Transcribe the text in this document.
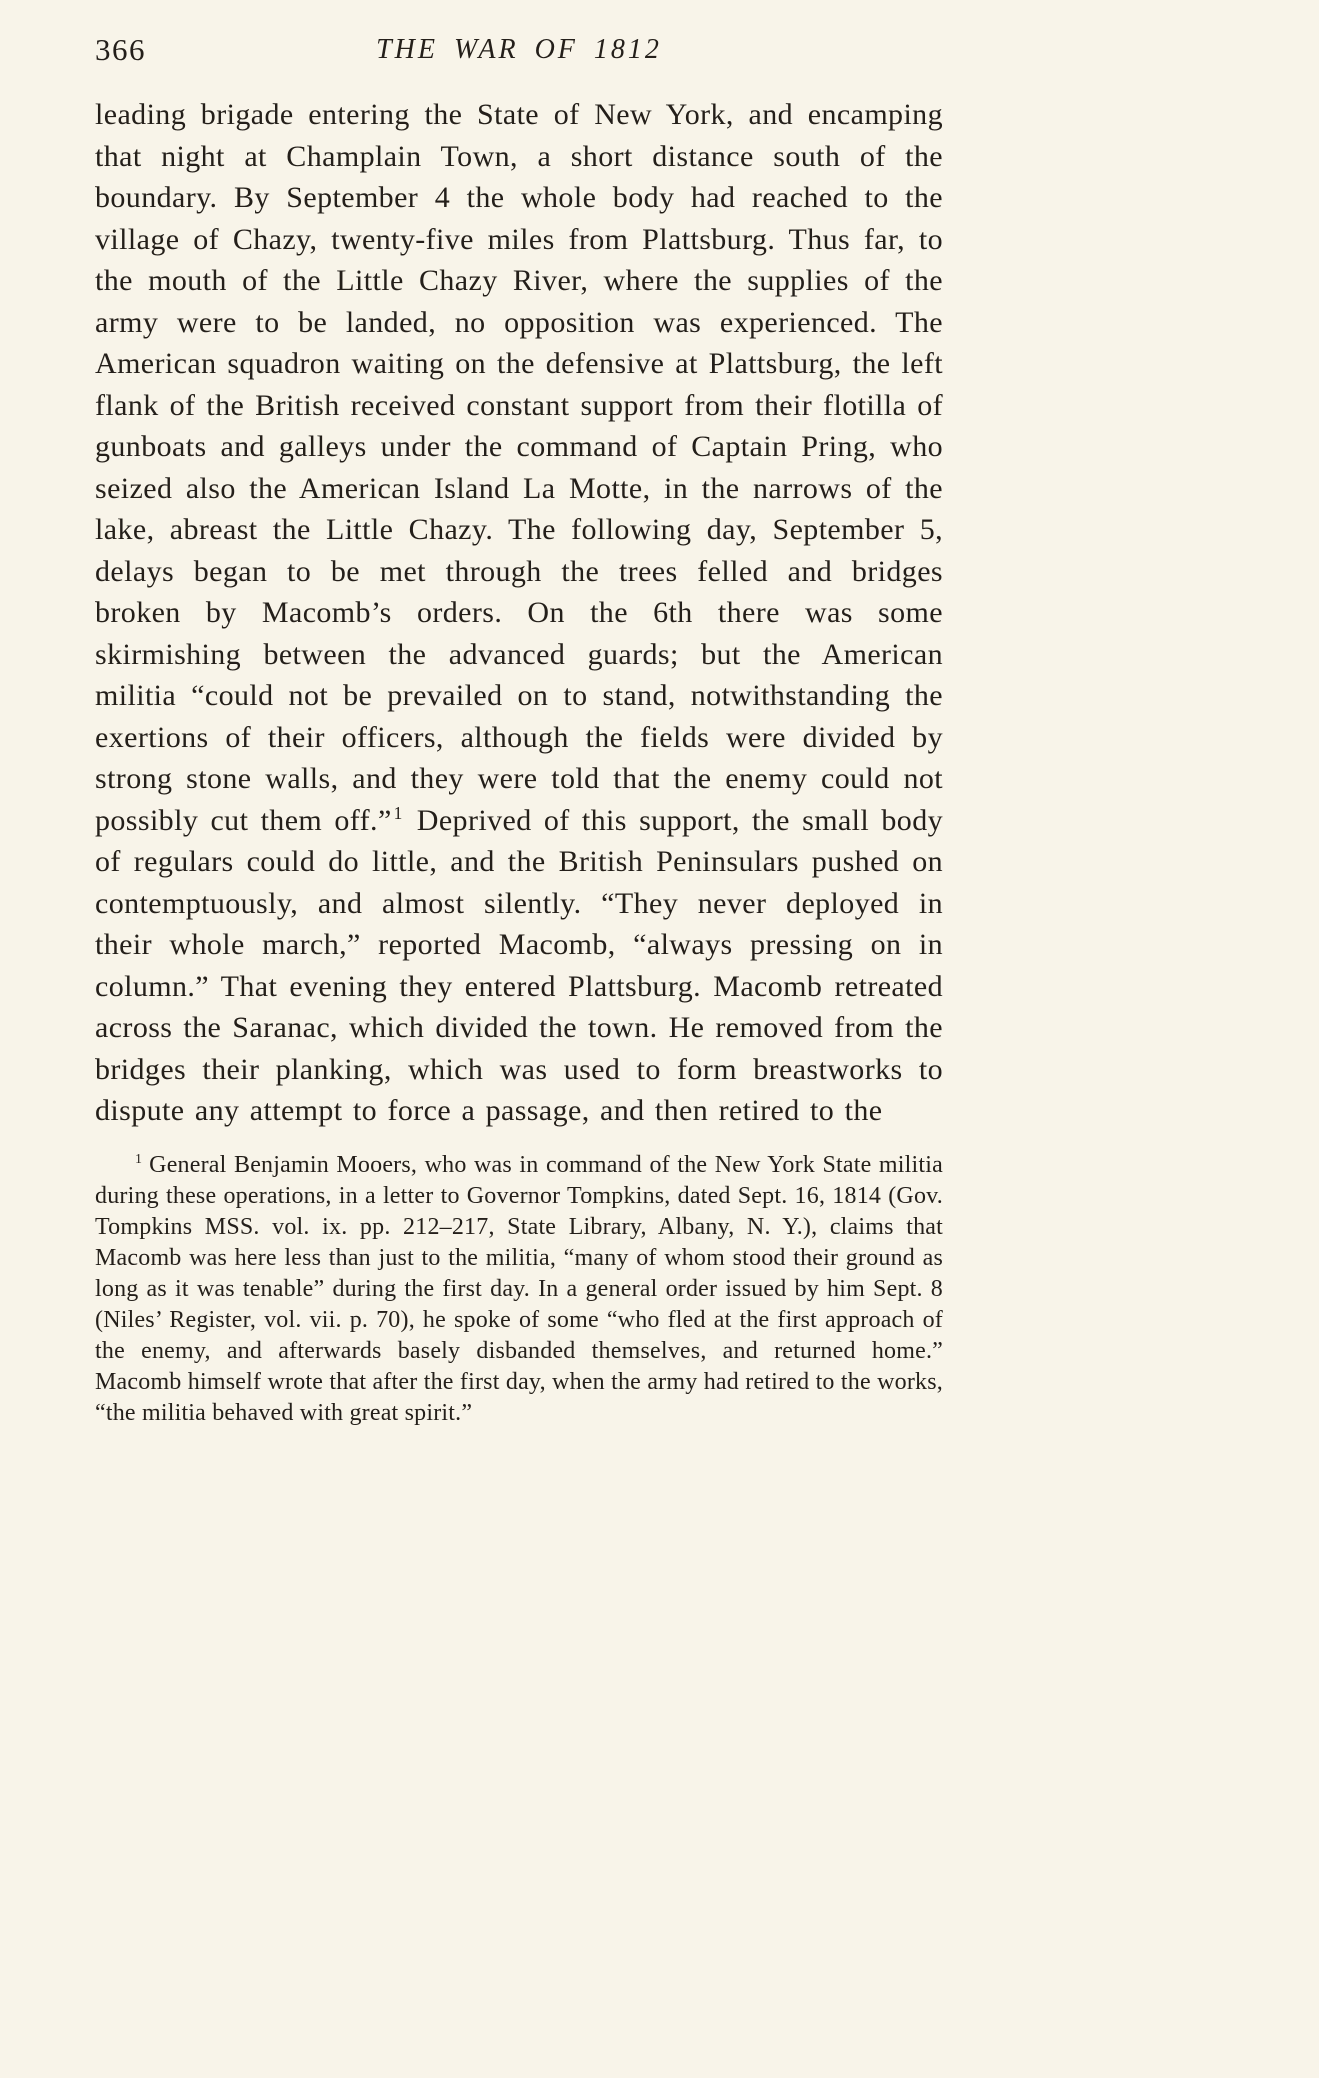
366	THE WAR OF 1812

leading brigade entering the State of New York, and encamping that night at Champlain Town, a short distance south of the boundary. By September 4 the whole body had reached to the village of Chazy, twenty-five miles from Plattsburg. Thus far, to the mouth of the Little Chazy River, where the supplies of the army were to be landed, no opposition was experienced. The American squadron waiting on the defensive at Plattsburg, the left flank of the British received constant support from their flotilla of gunboats and galleys under the command of Captain Pring, who seized also the American Island La Motte, in the narrows of the lake, abreast the Little Chazy. The following day, September 5, delays began to be met through the trees felled and bridges broken by Macomb’s orders. On the 6th there was some skirmishing between the advanced guards; but the American militia “could not be prevailed on to stand, notwithstanding the exertions of their officers, although the fields were divided by strong stone walls, and they were told that the enemy could not possibly cut them off.” $^1$ Deprived of this support, the small body of regulars could do little, and the British Peninsulars pushed on contemptuously, and almost silently. “They never deployed in their whole march,” reported Macomb, “always pressing on in column.” That evening they entered Plattsburg. Macomb retreated across the Saranac, which divided the town. He removed from the bridges their planking, which was used to form breastworks to dispute any attempt to force a passage, and then retired to the

$^1$ General Benjamin Mooers, who was in command of the New York State militia during these operations, in a letter to Governor Tompkins, dated Sept. 16, 1814 (Gov. Tompkins MSS. vol. ix. pp. 212–217, State Library, Albany, N. Y.), claims that Macomb was here less than just to the militia, “many of whom stood their ground as long as it was tenable” during the first day. In a general order issued by him Sept. 8 (Niles’ Register, vol. vii. p. 70), he spoke of some “who fled at the first approach of the enemy, and afterwards basely disbanded themselves, and returned home.” Macomb himself wrote that after the first day, when the army had retired to the works, “the militia behaved with great spirit.”
